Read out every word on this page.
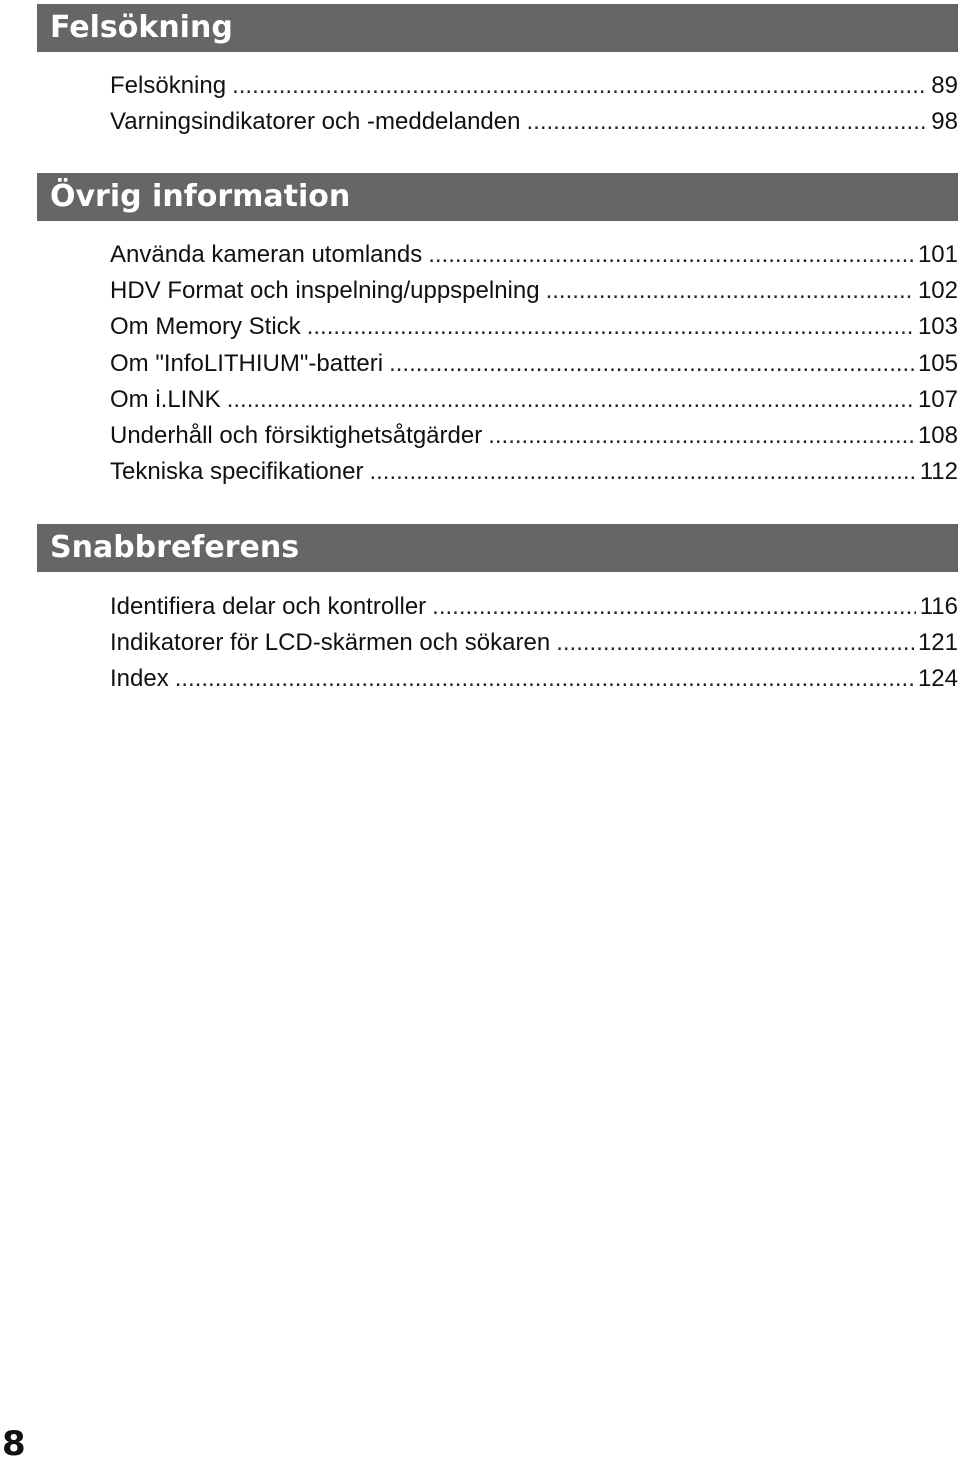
Felsökning
Felsökning .....	89
Varningsindikatorer och -meddelanden .....	98
Övrig information
Använda kameran utomlands .....	101
HDV Format och inspelning/uppspelning .....	102
Om Memory Stick .....	103
Om "InfoLITHIUM"-batteri .....	105
Om i.LINK .....	107
Underhåll och försiktighetsåtgärder .....	108
Tekniska specifikationer .....	112
Snabbreferens
Identifiera delar och kontroller .....	116
Indikatorer för LCD-skärmen och sökaren .....	121
Index .....	124
8
